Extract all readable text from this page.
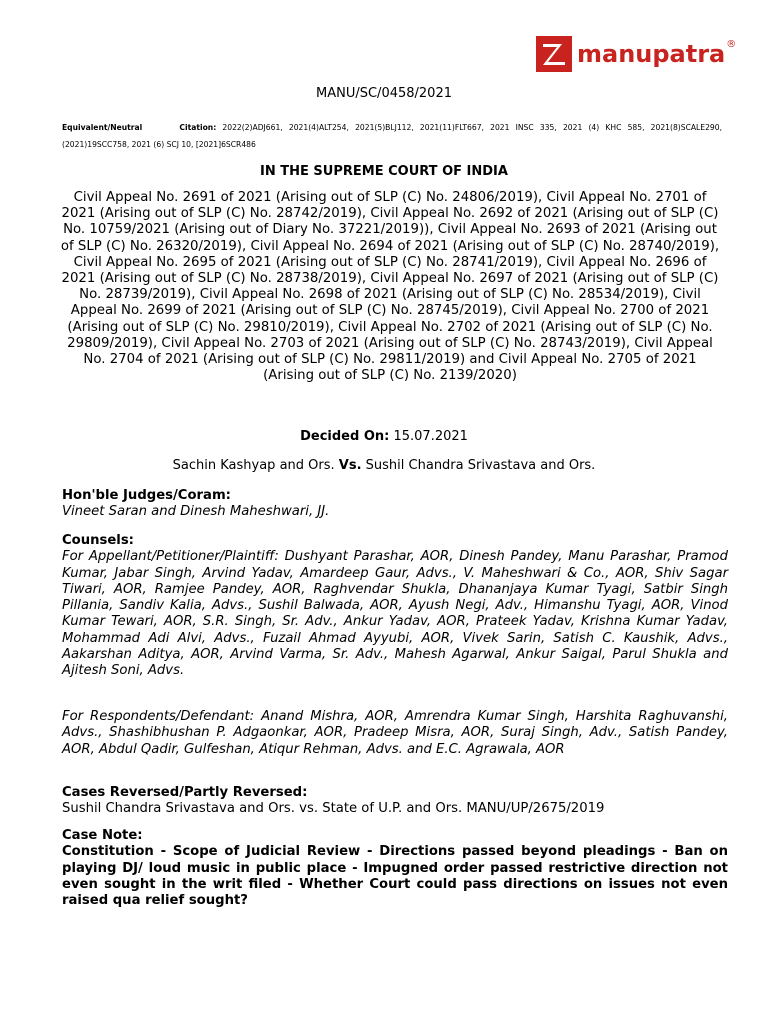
manupatra ®
MANU/SC/0458/2021
Equivalent/Neutral	Citation: 2022(2)ADJ661, 2021(4)ALT254, 2021(5)BLJ112, 2021(11)FLT667, 2021 INSC 335, 2021 (4) KHC 585, 2021(8)SCALE290, (2021)19SCC758, 2021 (6) SCJ 10, [2021]6SCR486
IN THE SUPREME COURT OF INDIA
Civil Appeal No. 2691 of 2021 (Arising out of SLP (C) No. 24806/2019), Civil Appeal No. 2701 of 2021 (Arising out of SLP (C) No. 28742/2019), Civil Appeal No. 2692 of 2021 (Arising out of SLP (C) No. 10759/2021 (Arising out of Diary No. 37221/2019)), Civil Appeal No. 2693 of 2021 (Arising out of SLP (C) No. 26320/2019), Civil Appeal No. 2694 of 2021 (Arising out of SLP (C) No. 28740/2019), Civil Appeal No. 2695 of 2021 (Arising out of SLP (C) No. 28741/2019), Civil Appeal No. 2696 of 2021 (Arising out of SLP (C) No. 28738/2019), Civil Appeal No. 2697 of 2021 (Arising out of SLP (C) No. 28739/2019), Civil Appeal No. 2698 of 2021 (Arising out of SLP (C) No. 28534/2019), Civil Appeal No. 2699 of 2021 (Arising out of SLP (C) No. 28745/2019), Civil Appeal No. 2700 of 2021 (Arising out of SLP (C) No. 29810/2019), Civil Appeal No. 2702 of 2021 (Arising out of SLP (C) No. 29809/2019), Civil Appeal No. 2703 of 2021 (Arising out of SLP (C) No. 28743/2019), Civil Appeal No. 2704 of 2021 (Arising out of SLP (C) No. 29811/2019) and Civil Appeal No. 2705 of 2021 (Arising out of SLP (C) No. 2139/2020)
Decided On: 15.07.2021
Sachin Kashyap and Ors. Vs. Sushil Chandra Srivastava and Ors.
Hon'ble Judges/Coram:
Vineet Saran and Dinesh Maheshwari, JJ.
Counsels:

For Appellant/Petitioner/Plaintiff: Dushyant Parashar, AOR, Dinesh Pandey, Manu Parashar, Pramod Kumar, Jabar Singh, Arvind Yadav, Amardeep Gaur, Advs., V. Maheshwari & Co., AOR, Shiv Sagar Tiwari, AOR, Ramjee Pandey, AOR, Raghvendar Shukla, Dhananjaya Kumar Tyagi, Satbir Singh Pillania, Sandiv Kalia, Advs., Sushil Balwada, AOR, Ayush Negi, Adv., Himanshu Tyagi, AOR, Vinod Kumar Tewari, AOR, S.R. Singh, Sr. Adv., Ankur Yadav, AOR, Prateek Yadav, Krishna Kumar Yadav, Mohammad Adi Alvi, Advs., Fuzail Ahmad Ayyubi, AOR, Vivek Sarin, Satish C. Kaushik, Advs., Aakarshan Aditya, AOR, Arvind Varma, Sr. Adv., Mahesh Agarwal, Ankur Saigal, Parul Shukla and Ajitesh Soni, Advs.

For Respondents/Defendant: Anand Mishra, AOR, Amrendra Kumar Singh, Harshita Raghuvanshi, Advs., Shashibhushan P. Adgaonkar, AOR, Pradeep Misra, AOR, Suraj Singh, Adv., Satish Pandey, AOR, Abdul Qadir, Gulfeshan, Atiqur Rehman, Advs. and E.C. Agrawala, AOR
Cases Reversed/Partly Reversed:
Sushil Chandra Srivastava and Ors. vs. State of U.P. and Ors. MANU/UP/2675/2019
Case Note:
Constitution - Scope of Judicial Review - Directions passed beyond pleadings - Ban on playing DJ/ loud music in public place - Impugned order passed restrictive direction not even sought in the writ filed - Whether Court could pass directions on issues not even raised qua relief sought?
